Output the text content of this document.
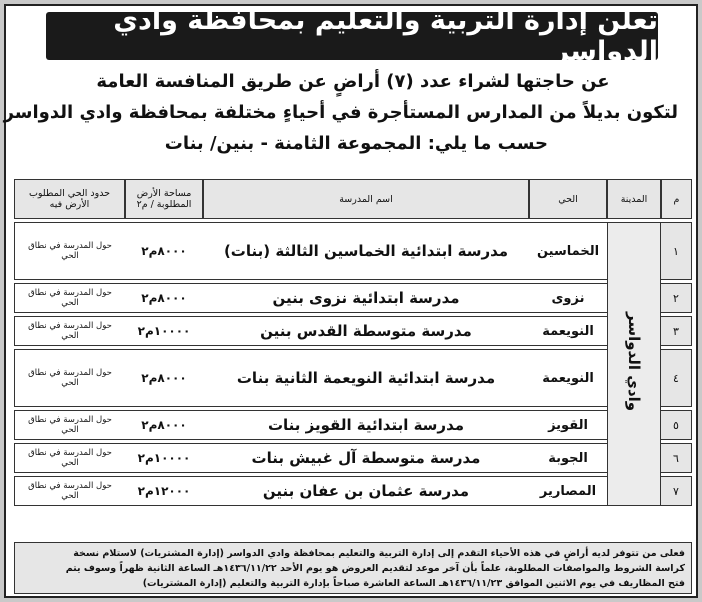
تعلن إدارة التربية والتعليم بمحافظة وادي الدواسر
عن حاجتها لشراء عدد (٧) أراضٍ عن طريق المنافسة العامة
لتكون بديلاً من المدارس المستأجرة في أحياءٍ مختلفة بمحافظة وادي الدواسر
حسب ما يلي: المجموعة الثامنة - بنين/ بنات
م	المدينة	الحي	اسم المدرسة	مساحة الأرض المطلوبة / م٢	حدود الحي المطلوب الأرض فيه
١	وادي الدواسر	الخماسين	مدرسة ابتدائية الخماسين الثالثة (بنات)	٨٠٠٠م٢	حول المدرسة في نطاق الحي
٢		نزوى	مدرسة ابتدائية نزوى بنين	٨٠٠٠م٢	حول المدرسة في نطاق الحي
٣		النويعمة	مدرسة متوسطة القدس بنين	١٠٠٠٠م٢	حول المدرسة في نطاق الحي
٤		النويعمة	مدرسة ابتدائية النويعمة الثانية بنات	٨٠٠٠م٢	حول المدرسة في نطاق الحي
٥		القويز	مدرسة ابتدائية القويز بنات	٨٠٠٠م٢	حول المدرسة في نطاق الحي
٦		الجوبة	مدرسة متوسطة آل غبيش بنات	١٠٠٠٠م٢	حول المدرسة في نطاق الحي
٧		المصارير	مدرسة عثمان بن عفان بنين	١٢٠٠٠م٢	حول المدرسة في نطاق الحي
فعلى من تتوفر لديه أراضٍ في هذه الأحياء التقدم إلى إدارة التربية والتعليم بمحافظة وادي الدواسر (إدارة المشتريات) لاستلام نسخة
كراسة الشروط والمواصفات المطلوبة، علماً بأن آخر موعد لتقديم العروض هو يوم الأحد ١٤٣٦/١١/٢٢هـ الساعة الثانية ظهراً وسوف يتم
فتح المظاريف في يوم الاثنين الموافق ١٤٣٦/١١/٢٣هـ الساعة العاشرة صباحاً بإدارة التربية والتعليم (إدارة المشتريات)
